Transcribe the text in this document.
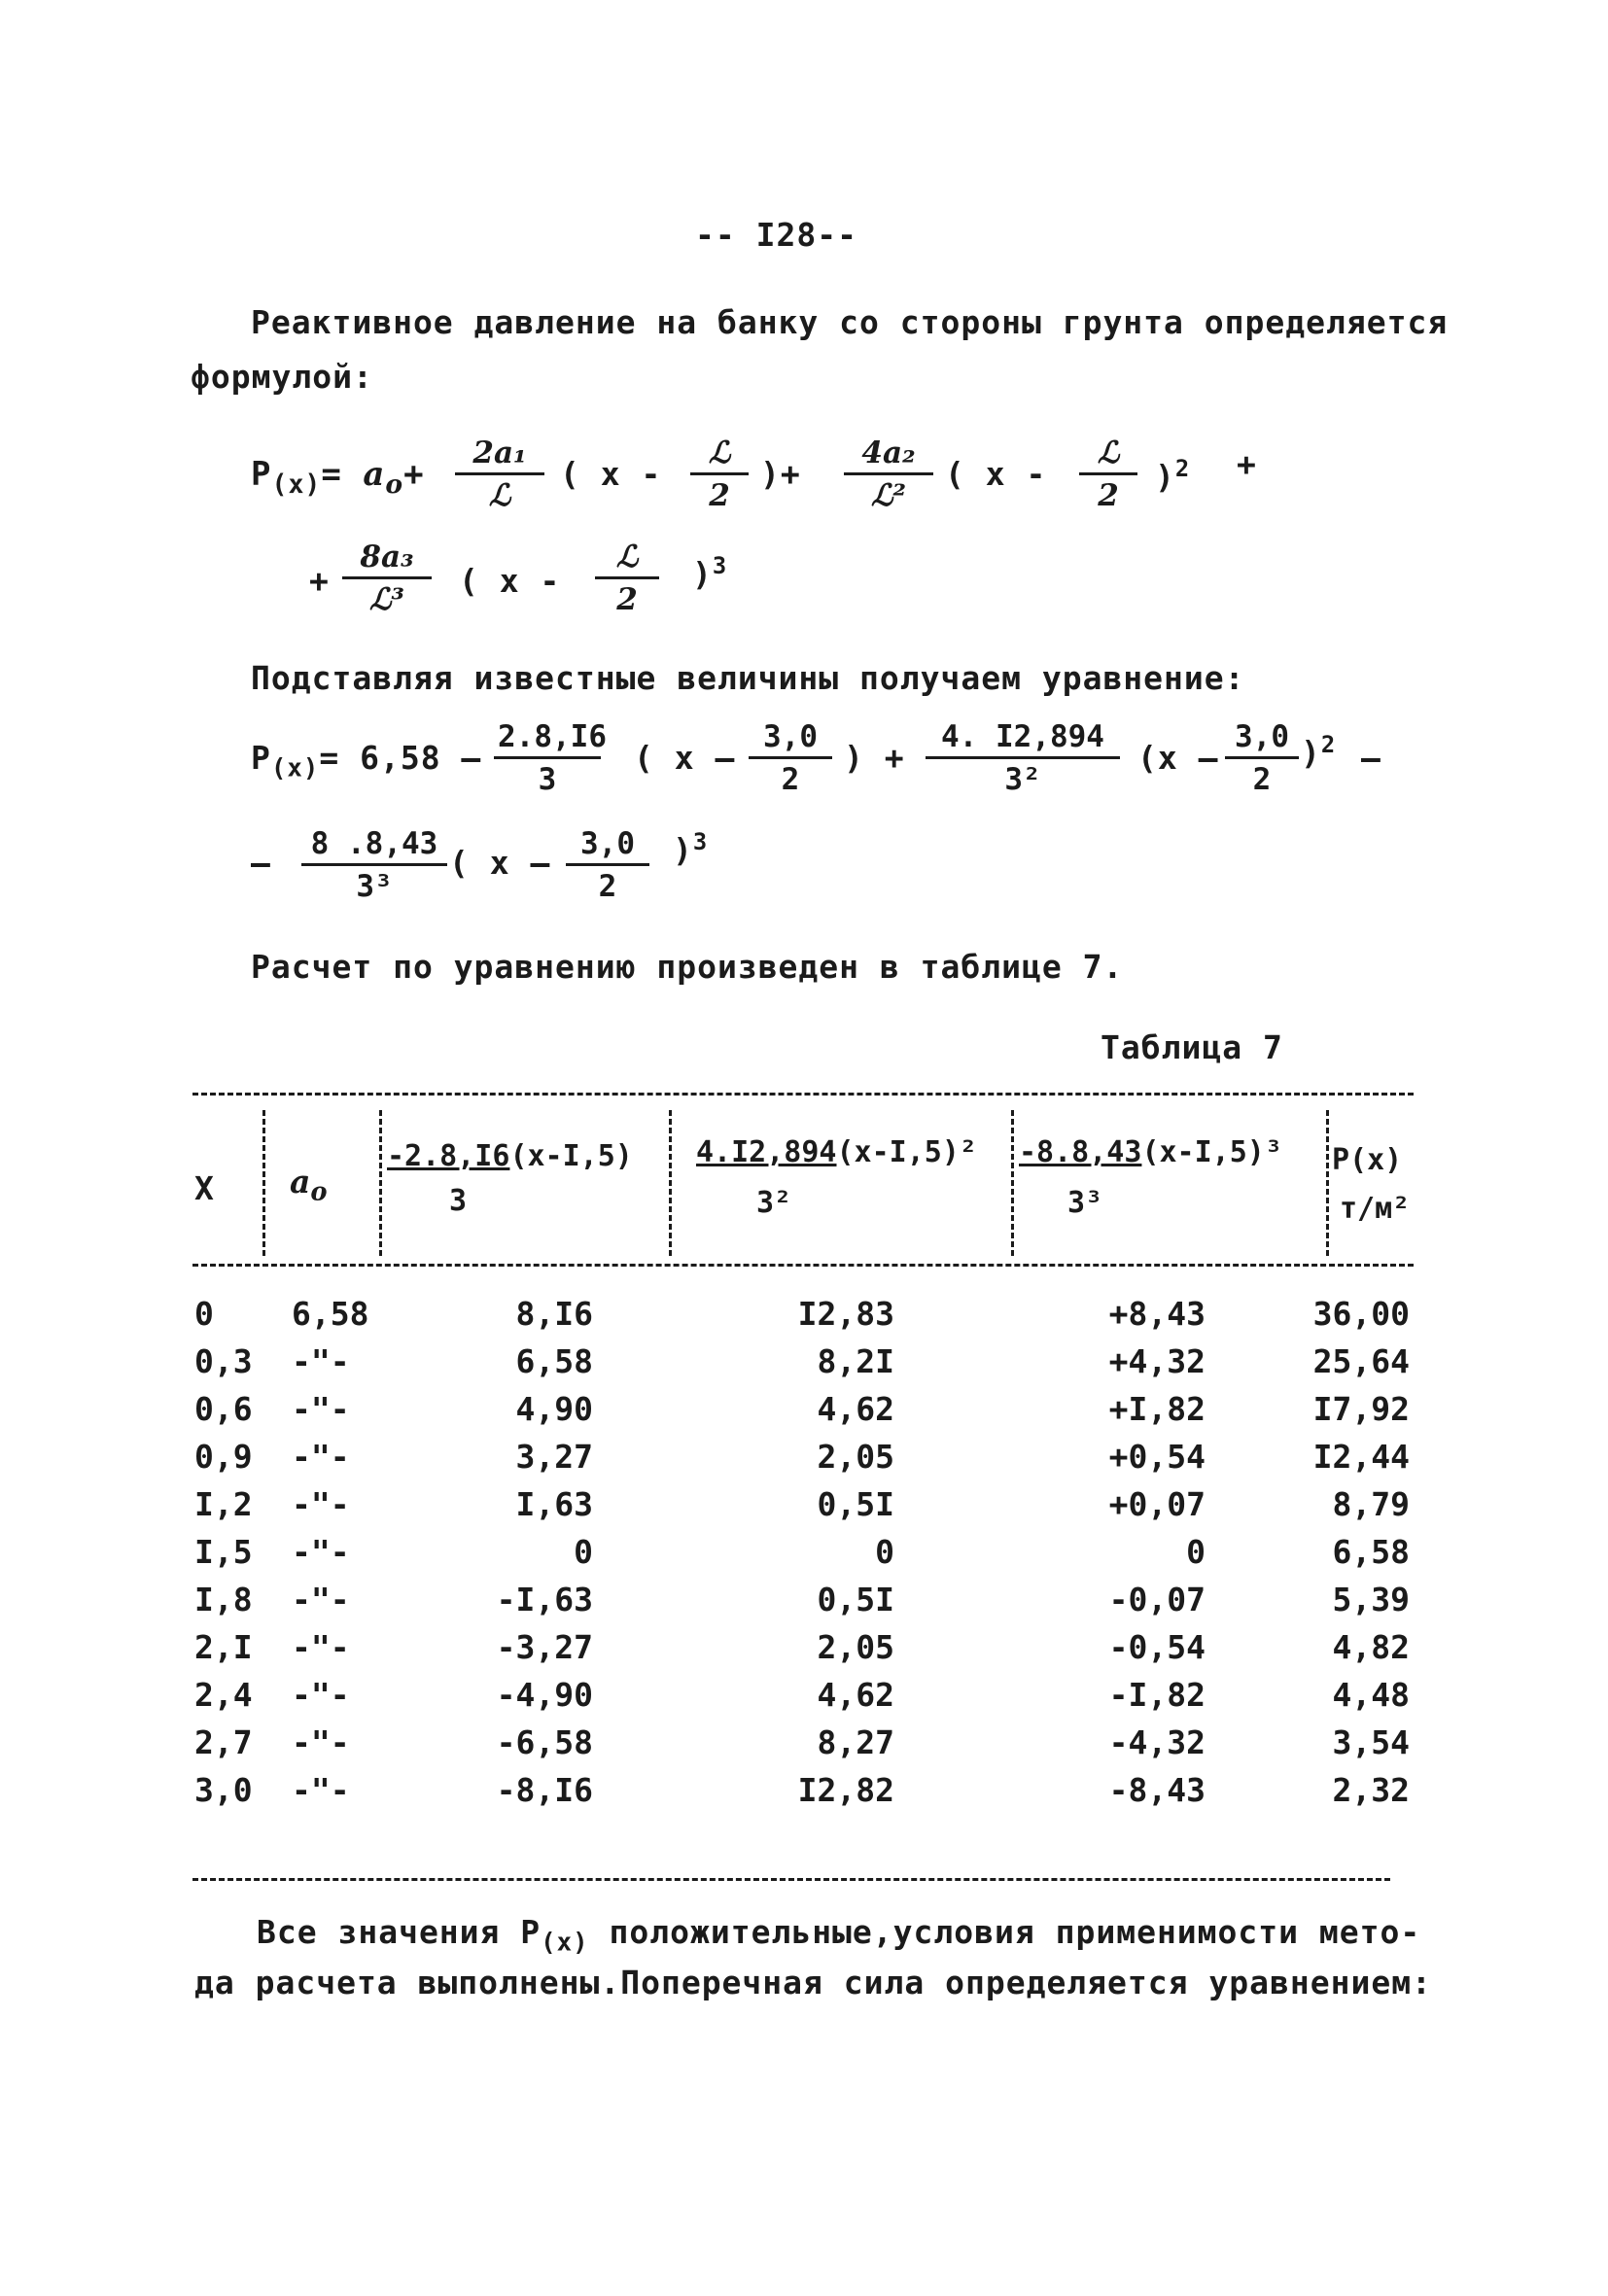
-- I28--
Реактивное давление на банку со стороны грунта определяется
формулой:
$P_{(x)}= a_o+$
2a₁
ℒ
( x -
ℒ
2
)+
4a₂
ℒ²
( x -
ℒ
2	)$^2$ +
+
8a₃
ℒ³	( x -
ℒ
2
)$^3$
Подставляя известные величины получаем уравнение:
$P_{(x)}= 6,58 - \frac{2.8,I6}{3}$ ( x – $\frac{3,0}{2}$ ) + $\frac{4. I2,894}{\text{3²}} (x - \frac{3,0}{2} )^2$ –
– $\frac{8 .8,43}{\text{3³}}$ ( x – $\frac{3,0}{2} )^3$
Расчет по уравнению произведен в таблице 7.
Таблица 7
X $a_o$
-2.8,I6(x-I,5)
3
4.I2,894(x-I,5)²
3²
-8.8,43(x-I,5)³
3³
P(x)
т/м²
0	6,58	8,I6	I2,83	+8,43	36,00
0,3	-"-	6,58	8,2I	+4,32	25,64
0,6	-"-	4,90	4,62	+I,82	I7,92
0,9	-"-	3,27	2,05	+0,54	I2,44
I,2	-"-	I,63	0,5I	+0,07	8,79
I,5	-"-	0	0	0	6,58
I,8	-"-	-I,63	0,5I	-0,07	5,39
2,I	-"-	-3,27	2,05	-0,54	4,82
2,4	-"-	-4,90	4,62	-I,82	4,48
2,7	-"-	-6,58	8,27	-4,32	3,54
3,0	-"-	-8,I6	I2,82	-8,43	2,32
Все значения $P_{(x)}$ положительные,условия применимости мето-
да расчета выполнены.Поперечная сила определяется уравнением:
